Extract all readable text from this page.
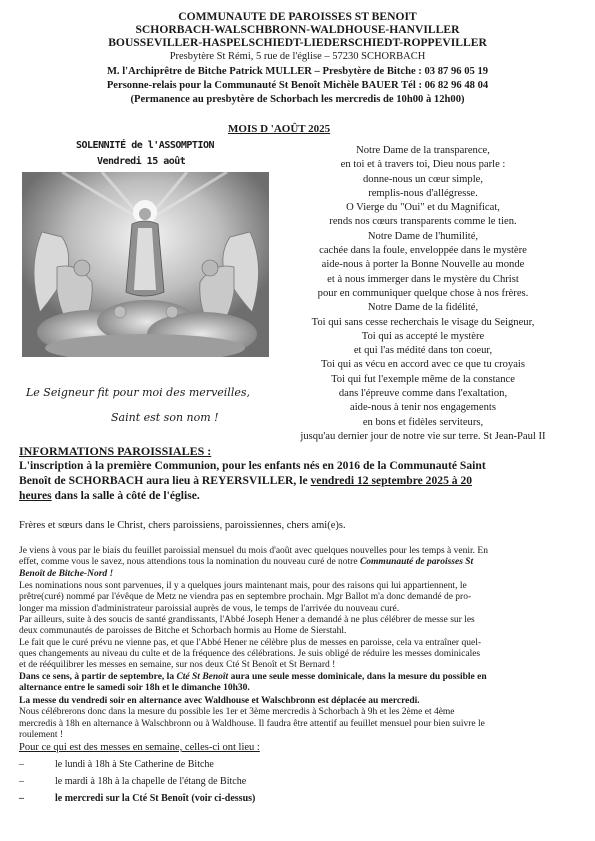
COMMUNAUTE DE PAROISSES ST BENOIT
SCHORBACH-WALSCHBRONN-WALDHOUSE-HANVILLER
BOUSSEVILLER-HASPELSCHIEDT-LIEDERSCHIEDT-ROPPEVILLER
Presbytère St Rémi, 5 rue de l'église – 57230 SCHORBACH
M. l'Archiprêtre de Bitche Patrick MULLER – Presbytère de Bitche : 03 87 96 05 19
Personne-relais pour la Communauté St Benoît Michèle BAUER Tél : 06 82 96 48 04
(Permanence au presbytère de Schorbach les mercredis de 10h00 à 12h00)
MOIS D 'AOÛT 2025
SOLENNITÉ de l'ASSOMPTION
Vendredi 15 août
Le Seigneur fit pour moi des merveilles,
Saint est son nom !
Notre Dame de la transparence,
en toi et à travers toi, Dieu nous parle :
donne-nous un cœur simple,
remplis-nous d'allégresse.
O Vierge du "Oui" et du Magnificat,
rends nos cœurs transparents comme le tien.
Notre Dame de l'humilité,
cachée dans la foule, enveloppée dans le mystère
aide-nous à porter la Bonne Nouvelle au monde
et à nous immerger dans le mystère du Christ
pour en communiquer quelque chose à nos frères.
Notre Dame de la fidélité,
Toi qui sans cesse recherchais le visage du Seigneur,
Toi qui as accepté le mystère
et qui l'as médité dans ton coeur,
Toi qui as vécu en accord avec ce que tu croyais
Toi qui fut l'exemple même de la constance
dans l'épreuve comme dans l'exaltation,
aide-nous à tenir nos engagements
en bons et fidèles serviteurs,
jusqu'au dernier jour de notre vie sur terre. St Jean-Paul II
INFORMATIONS PAROISSIALES :
L'inscription à la première Communion, pour les enfants nés en 2016 de la Communauté Saint
Benoît de SCHORBACH aura lieu à REYERSVILLER, le vendredi 12 septembre 2025 à 20
heures dans la salle à côté de l'église.
Frères et sœurs dans le Christ, chers paroissiens, paroissiennes, chers ami(e)s.
Je viens à vous par le biais du feuillet paroissial mensuel du mois d'août avec quelques nouvelles pour les temps à venir. En
effet, comme vous le savez, nous attendions tous la nomination du nouveau curé de notre Communauté de paroisses St
Benoît de Bitche-Nord !
Les nominations nous sont parvenues, il y a quelques jours maintenant mais, pour des raisons qui lui appartiennent, le
prêtre(curé) nommé par l'évêque de Metz ne viendra pas en septembre prochain. Mgr Ballot m'a donc demandé de pro-
longer ma mission d'administrateur paroissial auprès de vous, le temps de l'arrivée du nouveau curé.
Par ailleurs, suite à des soucis de santé grandissants, l'Abbé Joseph Hener a demandé à ne plus célébrer de messe sur les
deux communautés de paroisses de Bitche et Schorbach hormis au Home de Sierstahl.
Le fait que le curé prévu ne vienne pas, et que l'Abbé Hener ne célèbre plus de messes en paroisse, cela va entraîner quel-
ques changements au niveau du culte et de la fréquence des célébrations. Je suis obligé de réduire les messes dominicales
et de rééquilibrer les messes en semaine, sur nos deux Cté St Benoît et St Bernard !
Dans ce sens, à partir de septembre, la Cté St Benoît aura une seule messe dominicale, dans la mesure du possible en
alternance entre le samedi soir 18h et le dimanche 10h30.
La messe du vendredi soir en alternance avec Waldhouse et Walschbronn est déplacée au mercredi.
Nous célébrerons donc dans la mesure du possible les 1er et 3ème mercredis à Schorbach à 9h et les 2ème et 4ème
mercredis à 18h en alternance à Walschbronn ou à Waldhouse. Il faudra être attentif au feuillet mensuel pour bien suivre le
roulement !
Pour ce qui est des messes en semaine, celles-ci ont lieu :
–	le lundi à 18h à Ste Catherine de Bitche
–	le mardi à 18h à la chapelle de l'étang de Bitche
–	le mercredi sur la Cté St Benoît (voir ci-dessus)
